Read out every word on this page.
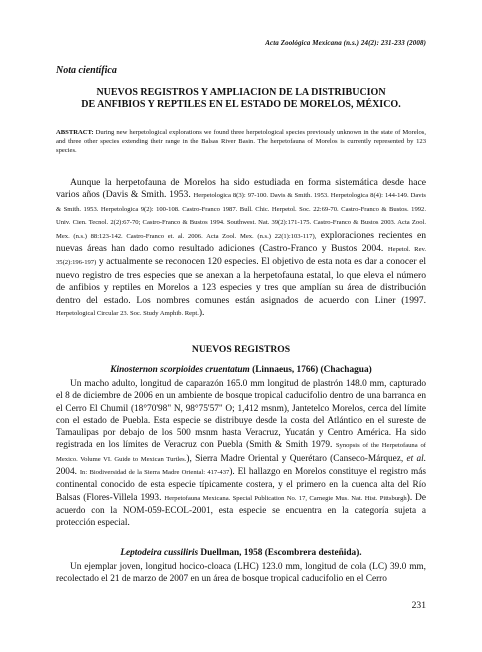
Acta Zoológica Mexicana (n.s.) 24(2): 231-233 (2008)
Nota científica
NUEVOS REGISTROS Y AMPLIACION DE LA DISTRIBUCION
DE ANFIBIOS Y REPTILES EN EL ESTADO DE MORELOS, MÉXICO.
ABSTRACT: During new herpetological explorations we found three herpetological species previously unknown in the state of Morelos, and three other species extending their range in the Balsas River Basin. The herpetofauna of Morelos is currently represented by 123 species.

Aunque la herpetofauna de Morelos ha sido estudiada en forma sistemática desde hace varios años (Davis & Smith. 1953. Herpetologica 8(3): 97-100. Davis & Smith. 1953. Herpetologica 8(4): 144-149. Davis & Smith. 1953. Herpetologica 9(2): 100-108. Castro-Franco 1987. Bull. Chic. Herpetol. Soc. 22:69-70. Castro-Franco & Bustos. 1992. Univ. Cien. Tecnol. 2(2):67-70; Castro-Franco & Bustos 1994. Southwest. Nat. 39(2):171-175. Castro-Franco & Bustos 2003. Acta Zool. Mex. (n.s.) 88:123-142. Castro-Franco et. al. 2006. Acta Zool. Mex. (n.s.) 22(1):103-117), exploraciones recientes en nuevas áreas han dado como resultado adiciones (Castro-Franco y Bustos 2004. Hepetol. Rev. 35(2):196-197) y actualmente se reconocen 120 especies. El objetivo de esta nota es dar a conocer el nuevo registro de tres especies que se anexan a la herpetofauna estatal, lo que eleva el número de anfibios y reptiles en Morelos a 123 especies y tres que amplían su área de distribución dentro del estado. Los nombres comunes están asignados de acuerdo con Liner (1997. Herpetological Circular 23. Soc. Study Amphib. Rept.).

NUEVOS REGISTROS
Kinosternon scorpioides cruentatum (Linnaeus, 1766) (Chachagua)

Un macho adulto, longitud de caparazón 165.0 mm longitud de plastrón 148.0 mm, capturado el 8 de diciembre de 2006 en un ambiente de bosque tropical caducifolio dentro de una barranca en el Cerro El Chumil (18°70'98" N, 98°75'57" O; 1,412 msnm), Jantetelco Morelos, cerca del límite con el estado de Puebla. Esta especie se distribuye desde la costa del Atlántico en el sureste de Tamaulipas por debajo de los 500 msnm hasta Veracruz, Yucatán y Centro América. Ha sido registrada en los límites de Veracruz con Puebla (Smith & Smith 1979. Synopsis of the Herpetofauna of Mexico. Volume VI. Guide to Mexican Turtles.), Sierra Madre Oriental y Querétaro (Canseco-Márquez, et al. 2004. In: Biodiversidad de la Sierra Madre Oriental: 417-437). El hallazgo en Morelos constituye el registro más continental conocido de esta especie típicamente costera, y el primero en la cuenca alta del Río Balsas (Flores-Villela 1993. Herpetofauna Mexicana. Special Publication No. 17, Carnegie Mus. Nat. Hist. Pittsburgh). De acuerdo con la NOM-059-ECOL-2001, esta especie se encuentra en la categoría sujeta a protección especial.

Leptodeira cussiliris Duellman, 1958 (Escombrera desteñida).

Un ejemplar joven, longitud hocico-cloaca (LHC) 123.0 mm, longitud de cola (LC) 39.0 mm, recolectado el 21 de marzo de 2007 en un área de bosque tropical caducifolio en el Cerro

231
